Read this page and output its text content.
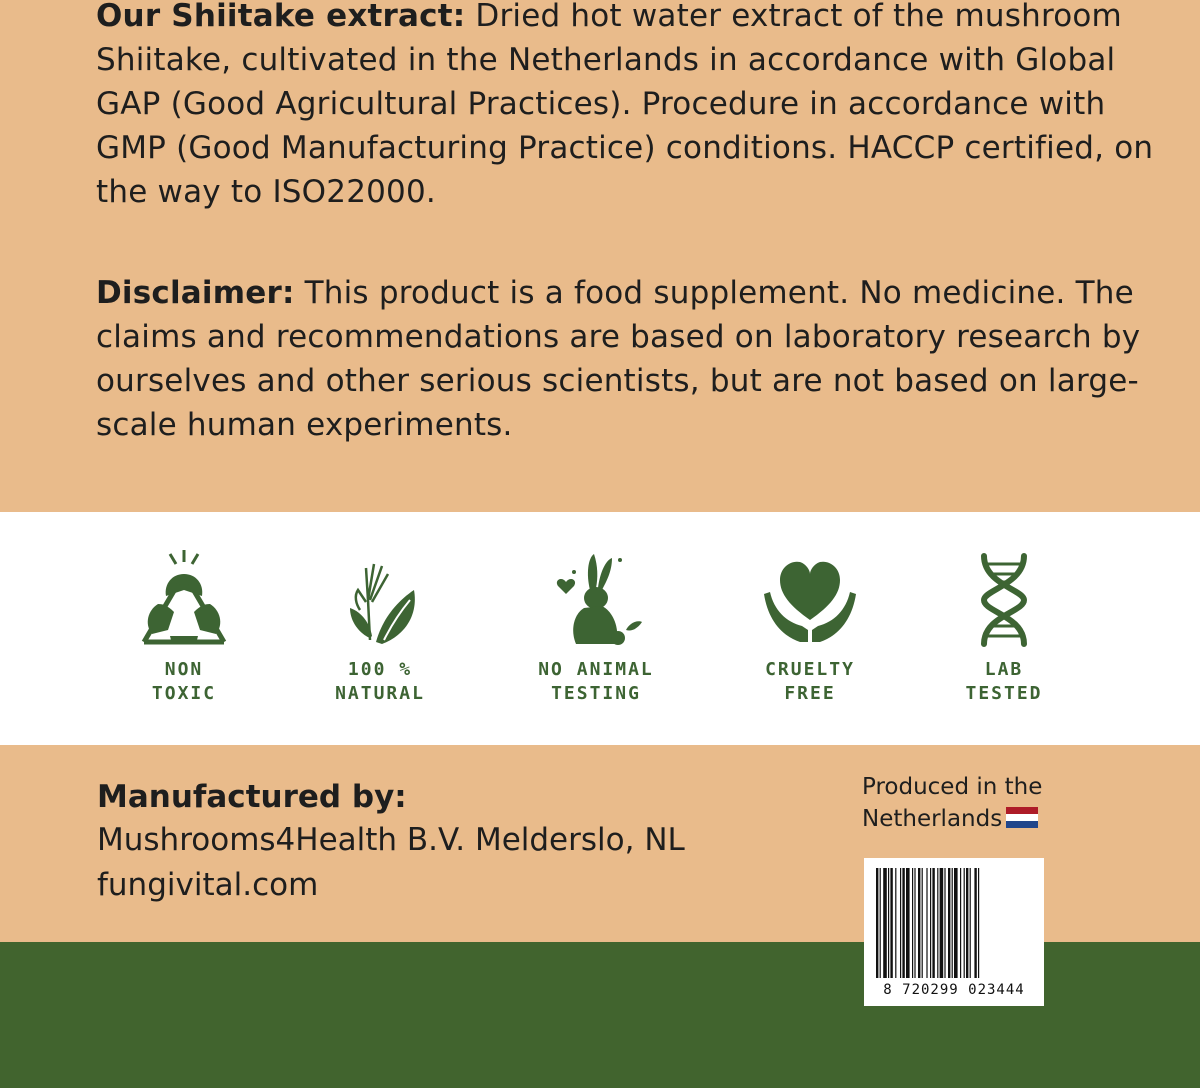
Our Shiitake extract: Dried hot water extract of the mushroom Shiitake, cultivated in the Netherlands in accordance with Global GAP (Good Agricultural Practices). Procedure in accordance with GMP (Good Manufacturing Practice) conditions. HACCP certified, on the way to ISO22000.

Disclaimer: This product is a food supplement. No medicine. The claims and recommendations are based on laboratory research by ourselves and other serious scientists, but are not based on large-scale human experiments.

NON
TOXIC
100 %
NATURAL
NO ANIMAL
TESTING
CRUELTY
FREE
LAB
TESTED

Manufactured by:

Mushrooms4Health B.V. Melderslo, NL

fungivital.com

Produced in the
Netherlands

8 720299 023444
